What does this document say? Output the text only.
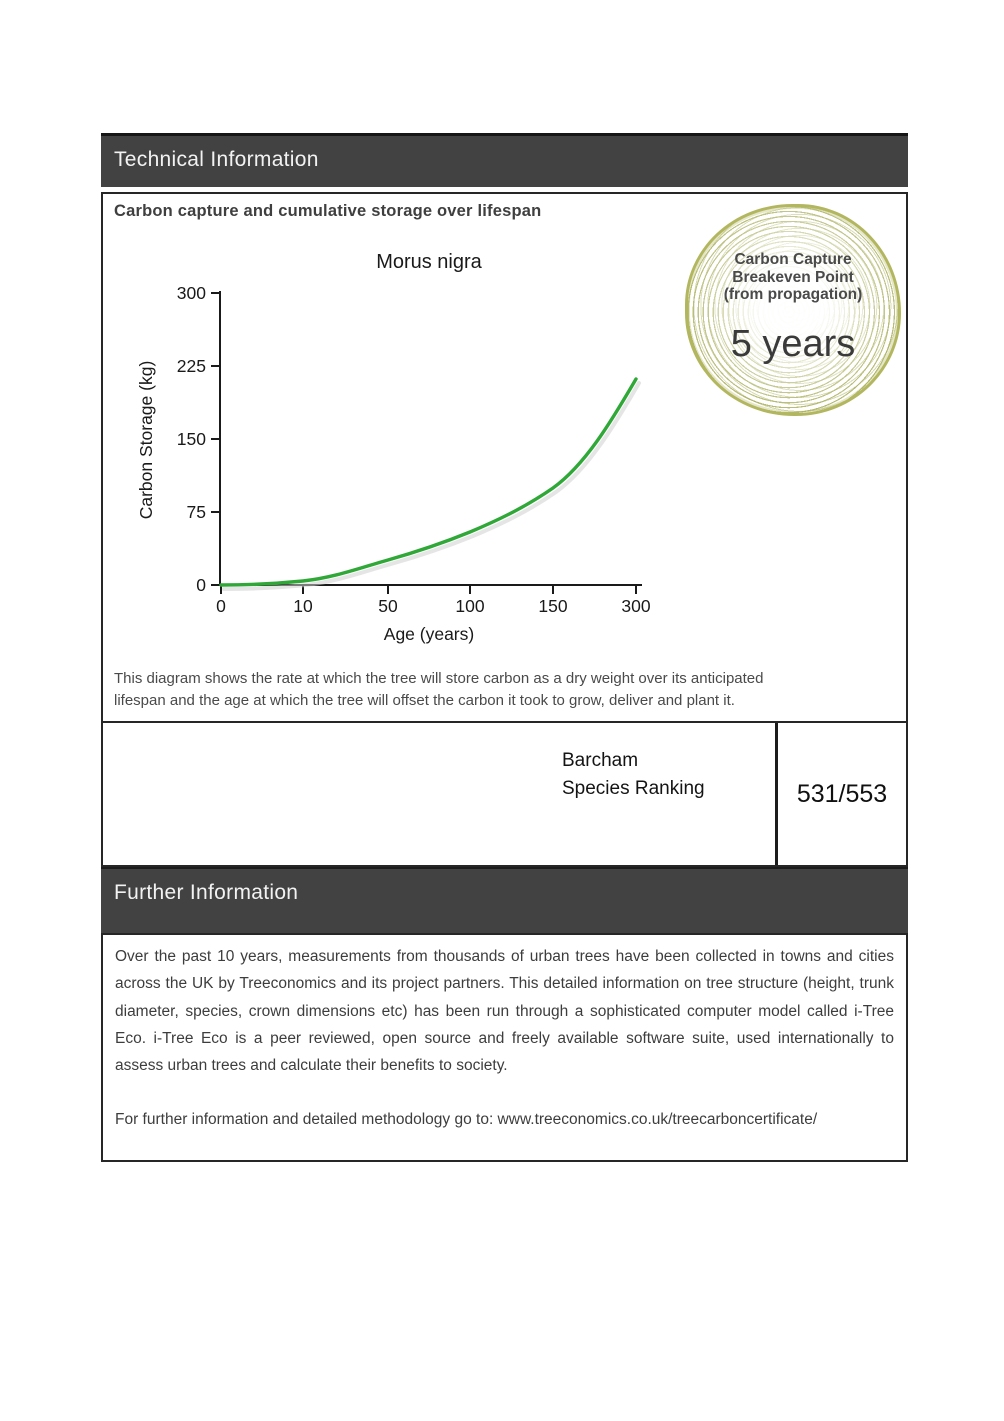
Technical Information
Carbon capture and cumulative storage over lifespan
Morus nigra
Carbon Storage (kg)
300
225
150
75
0
0	10	50	100	150	300
Age (years)
Carbon Capture
Breakeven Point
(from propagation)
5 years
This diagram shows the rate at which the tree will store carbon as a dry weight over its anticipated
lifespan and the age at which the tree will offset the carbon it took to grow, deliver and plant it.
Barcham
Species Ranking	531/553
Further Information
Over the past 10 years, measurements from thousands of urban trees have been collected in towns and cities across the UK by Treeconomics and its project partners. This detailed information on tree structure (height, trunk diameter, species, crown dimensions etc) has been run through a sophisticated computer model called i-Tree Eco. i-Tree Eco is a peer reviewed, open source and freely available software suite, used internationally to assess urban trees and calculate their benefits to society.
For further information and detailed methodology go to: www.treeconomics.co.uk/treecarboncertificate/
